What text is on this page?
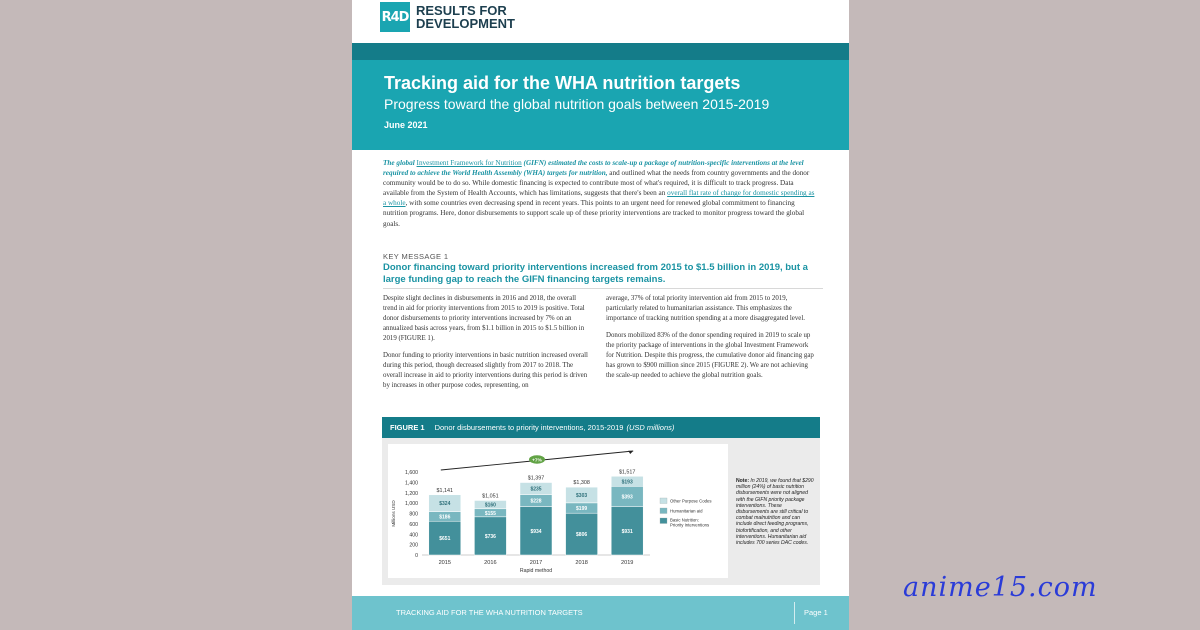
R4D RESULTS FOR
DEVELOPMENT
Tracking aid for the WHA nutrition targets
Progress toward the global nutrition goals between 2015-2019
June 2021
The global Investment Framework for Nutrition (GIFN) estimated the costs to scale-up a package of nutrition-specific interventions at the level required to achieve the World Health Assembly (WHA) targets for nutrition, and outlined what the needs from country governments and the donor community would be to do so. While domestic financing is expected to contribute most of what's required, it is difficult to track progress. Data available from the System of Health Accounts, which has limitations, suggests that there's been an overall flat rate of change for domestic spending as a whole, with some countries even decreasing spend in recent years. This points to an urgent need for renewed global commitment to financing nutrition programs. Here, donor disbursements to support scale up of these priority interventions are tracked to monitor progress toward the global goals.
KEY MESSAGE 1
Donor financing toward priority interventions increased from 2015 to $1.5 billion in 2019, but a large funding gap to reach the GIFN financing targets remains.

Despite slight declines in disbursements in 2016 and 2018, the overall trend in aid for priority interventions from 2015 to 2019 is positive. Total donor disbursements to priority interventions increased by 7% on an annualized basis across years, from $1.1 billion in 2015 to $1.5 billion in 2019 (FIGURE 1).

Donor funding to priority interventions in basic nutrition increased overall during this period, though decreased slightly from 2017 to 2018. The overall increase in aid to priority interventions during this period is driven by increases in other purpose codes, representing, on

average, 37% of total priority intervention aid from 2015 to 2019, particularly related to humanitarian assistance. This emphasizes the importance of tracking nutrition spending at a more disaggregated level.

Donors mobilized 83% of the donor spending required in 2019 to scale up the priority package of interventions in the global Investment Framework for Nutrition. Despite this progress, the cumulative donor aid financing gap has grown to $900 million since 2015 (FIGURE 2). We are not achieving the scale-up needed to achieve the global nutrition goals.

FIGURE 1 Donor disbursements to priority interventions, 2015-2019 (USD millions)
0
200
400
600
800
1,000
1,200
1,400
1,600
Millions USD
$651
$186
$324
$1,141
2015
$736
$155
$160
$1,051
2016
$934
$228
$235
$1,397
2017
$806
$199
$303
$1,308
2018
$931
$393
$193
$1,517
2019
Rapid method
+7%
Other Purpose Codes
Humanitarian aid
Basic Nutrition:
Priority Interventions
Note: In 2019, we found that $290 million (24%) of basic nutrition disbursements were not aligned with the GIFN priority package interventions. These disbursements are still critical to combat malnutrition and can include direct feeding programs, biofortification, and other interventions. Humanitarian aid includes 700 series DAC codes.
TRACKING AID FOR THE WHA NUTRITION TARGETS	Page 1
anime15.com
